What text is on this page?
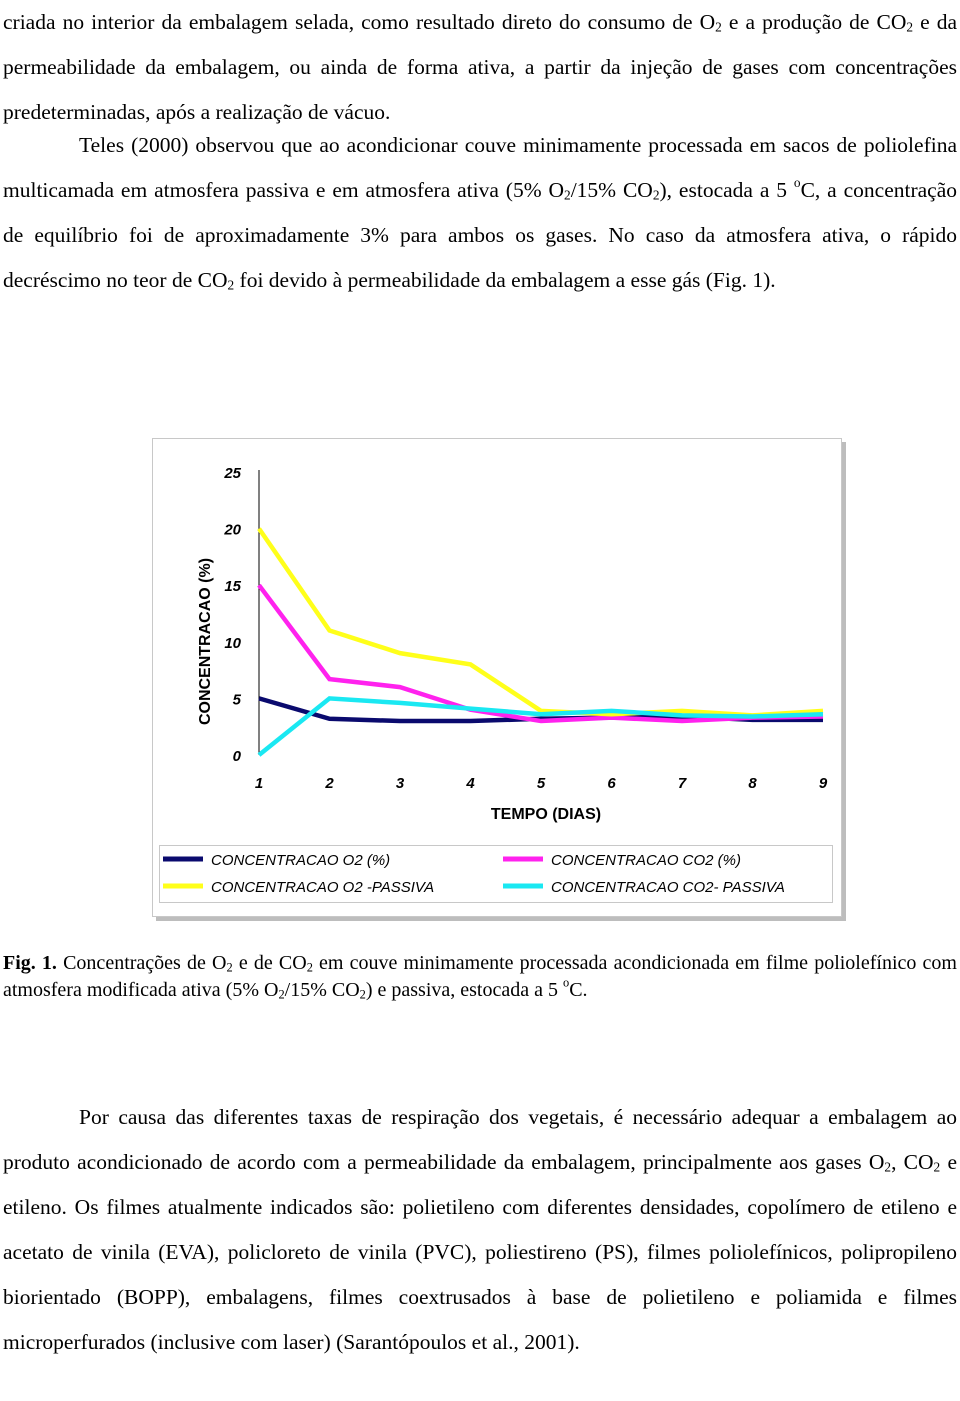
criada no interior da embalagem selada, como resultado direto do consumo de $O_2$ e a produção de $CO_2$ e da permeabilidade da embalagem, ou ainda de forma ativa, a partir da injeção de gases com concentrações predeterminadas, após a realização de vácuo.

Teles (2000) observou que ao acondicionar couve minimamente processada em sacos de poliolefina multicamada em atmosfera passiva e em atmosfera ativa (5% $O_2/15\%$ $CO_2$), estocada a 5 $^o$C, a concentração de equilíbrio foi de aproximadamente 3% para ambos os gases. No caso da atmosfera ativa, o rápido decréscimo no teor de $CO_2$ foi devido à permeabilidade da embalagem a esse gás (Fig. 1).

0
5
10
15
20
25
1	2	3	4	5	6	7	8	9
CONCENTRACAO (%)
TEMPO (DIAS)
CONCENTRACAO O2 (%)	CONCENTRACAO CO2 (%)
CONCENTRACAO O2 -PASSIVA	CONCENTRACAO CO2- PASSIVA

Fig. 1. Concentrações de $O_2$ e de $CO_2$ em couve minimamente processada acondicionada em filme poliolefínico com atmosfera modificada ativa (5% $O_2/15\%$ $CO_2$) e passiva, estocada a 5 $^o$C.

Por causa das diferentes taxas de respiração dos vegetais, é necessário adequar a embalagem ao produto acondicionado de acordo com a permeabilidade da embalagem, principalmente aos gases $O_2$, $CO_2$ e etileno. Os filmes atualmente indicados são: polietileno com diferentes densidades, copolímero de etileno e acetato de vinila (EVA), policloreto de vinila (PVC), poliestireno (PS), filmes poliolefínicos, polipropileno biorientado (BOPP), embalagens, filmes coextrusados à base de polietileno e poliamida e filmes microperfurados (inclusive com laser) (Sarantópoulos et al., 2001).
